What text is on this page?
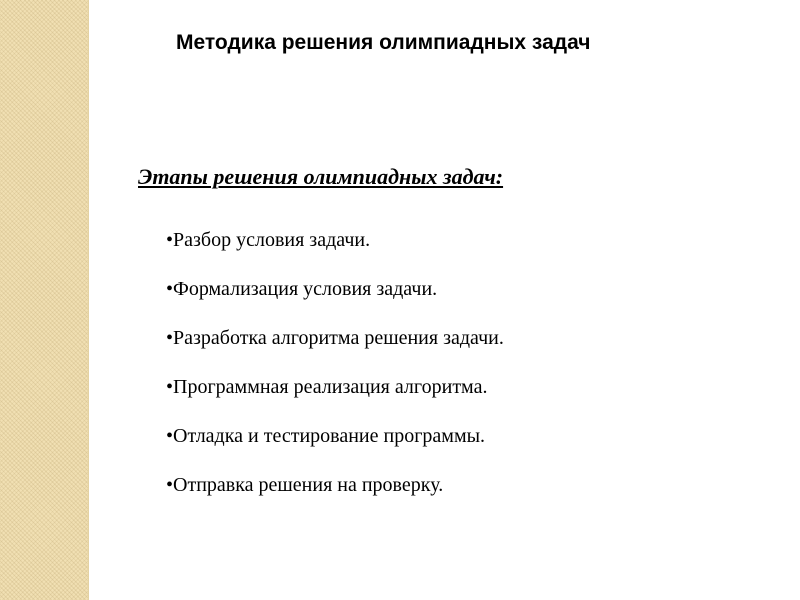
Методика решения олимпиадных задач
Этапы решения олимпиадных задач:
•Разбор условия задачи.
•Формализация условия задачи.
•Разработка алгоритма решения задачи.
•Программная реализация алгоритма.
•Отладка и тестирование программы.
•Отправка решения на проверку.
